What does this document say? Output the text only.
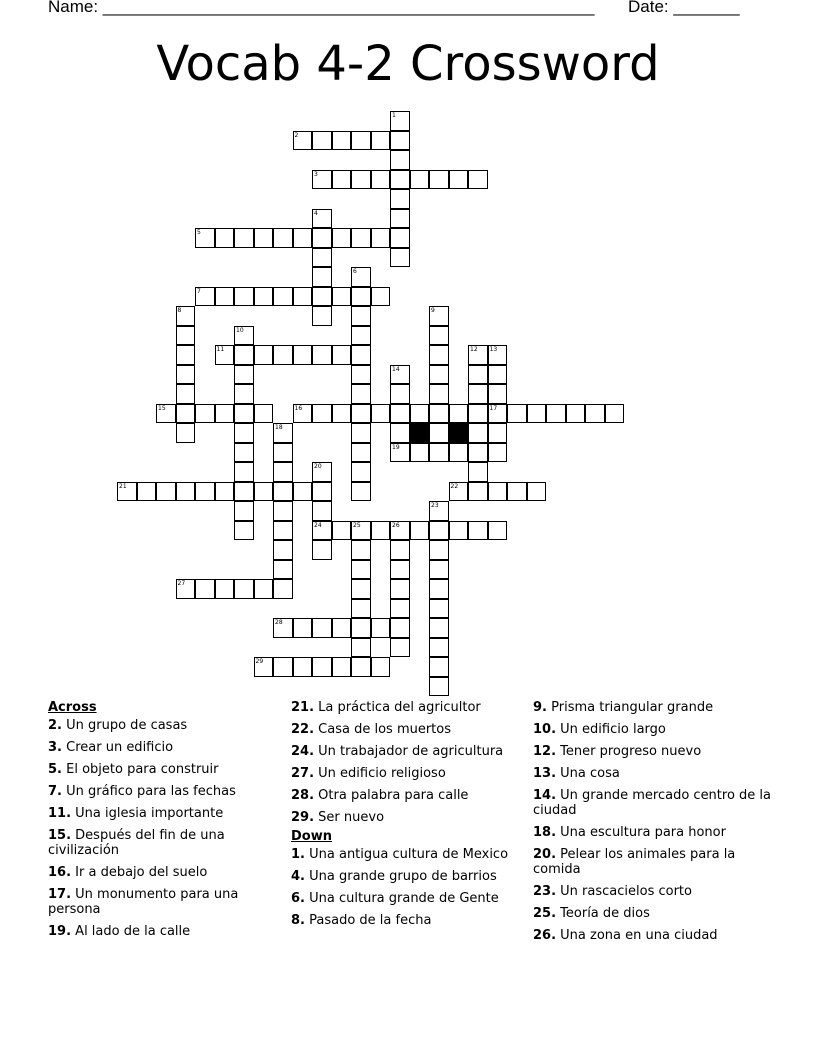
Name: ____________________________________________________ Date: _______
Vocab 4-2 Crossword
1
2
3
4
5
6
7
8	9
10
11	12 13
17
14
19
15	16
18
20
24
21	22
23
25	26
27
28
29
Across
2. Un grupo de casas
3. Crear un edificio
5. El objeto para construir
7. Un gráfico para las fechas
11. Una iglesia importante
15. Después del fin de una civilización
16. Ir a debajo del suelo
17. Un monumento para una persona
19. Al lado de la calle
21. La práctica del agricultor
22. Casa de los muertos
24. Un trabajador de agricultura
27. Un edificio religioso
28. Otra palabra para calle
29. Ser nuevo
Down
1. Una antigua cultura de Mexico
4. Una grande grupo de barrios
6. Una cultura grande de Gente
8. Pasado de la fecha
9. Prisma triangular grande
10. Un edificio largo
12. Tener progreso nuevo
13. Una cosa
14. Un grande mercado centro de la ciudad
18. Una escultura para honor
20. Pelear los animales para la comida
23. Un rascacielos corto
25. Teoría de dios
26. Una zona en una ciudad
